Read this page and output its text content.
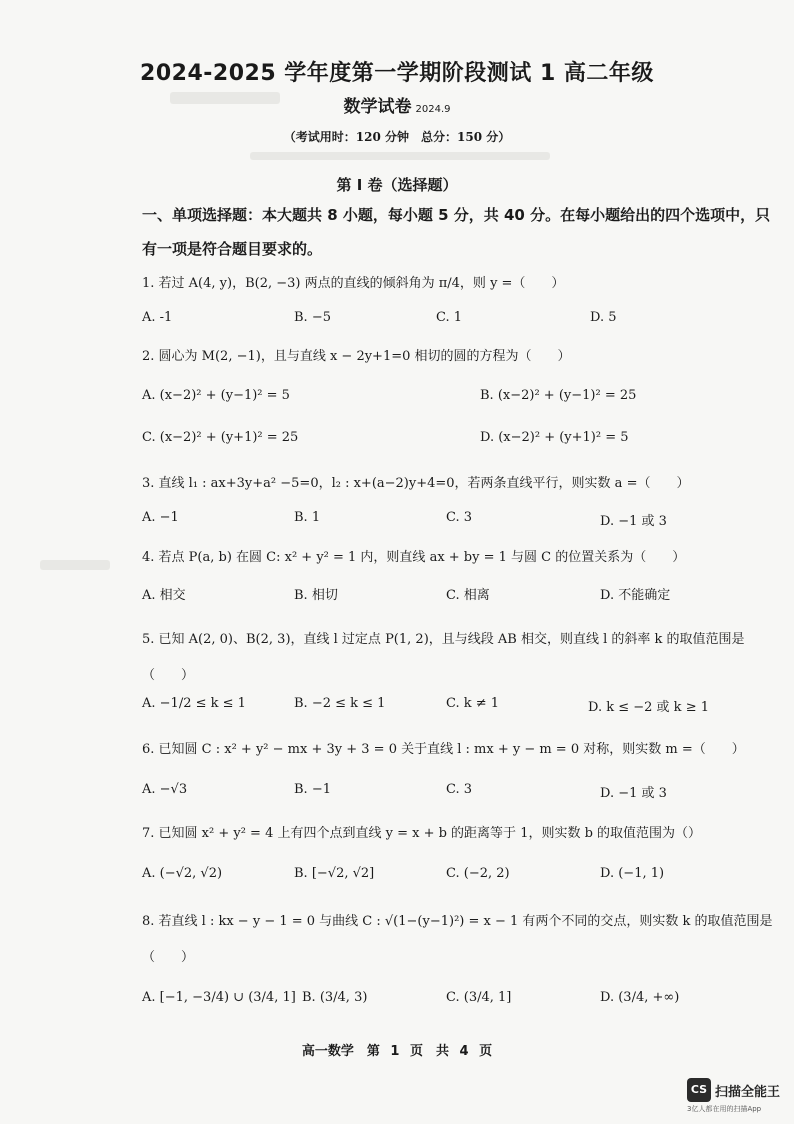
2024-2025 学年度第一学期阶段测试 1 高二年级
数学试卷 2024.9
（考试用时：120 分钟　总分：150 分）
第 I 卷（选择题）
一、单项选择题：本大题共 8 小题，每小题 5 分，共 40 分。在每小题给出的四个选项中，只有一项是符合题目要求的。
1. 若过 A(4, y)，B(2, −3) 两点的直线的倾斜角为 π/4，则 y =（　　）
A. -1	B. −5	C. 1	D. 5
2. 圆心为 M(2, −1)，且与直线 x − 2y+1=0 相切的圆的方程为（　　）
A. (x−2)² + (y−1)² = 5	B. (x−2)² + (y−1)² = 25
C. (x−2)² + (y+1)² = 25	D. (x−2)² + (y+1)² = 5
3. 直线 l₁ : ax+3y+a² −5=0，l₂ : x+(a−2)y+4=0，若两条直线平行，则实数 a =（　　）
A. −1	B. 1	C. 3	D. −1 或 3
4. 若点 P(a, b) 在圆 C: x² + y² = 1 内，则直线 ax + by = 1 与圆 C 的位置关系为（　　）
A. 相交	B. 相切	C. 相离	D. 不能确定
5. 已知 A(2, 0)、B(2, 3)，直线 l 过定点 P(1, 2)，且与线段 AB 相交，则直线 l 的斜率 k 的取值范围是（　　）
A. −1/2 ≤ k ≤ 1	B. −2 ≤ k ≤ 1	C. k ≠ 1	D. k ≤ −2 或 k ≥ 1
6. 已知圆 C : x² + y² − mx + 3y + 3 = 0 关于直线 l : mx + y − m = 0 对称，则实数 m =（　　）
A. −√3	B. −1	C. 3	D. −1 或 3
7. 已知圆 x² + y² = 4 上有四个点到直线 y = x + b 的距离等于 1，则实数 b 的取值范围为（）
A. (−√2, √2)	B. [−√2, √2]	C. (−2, 2)	D. (−1, 1)
8. 若直线 l : kx − y − 1 = 0 与曲线 C : √(1−(y−1)²) = x − 1 有两个不同的交点，则实数 k 的取值范围是（　　）
A. [−1, −3/4) ∪ (3/4, 1] B. (3/4, 3)	C. (3/4, 1]	D. (3/4, +∞)
高一数学　第 1 页　共 4 页
CS 扫描全能王
3亿人都在用的扫描App
